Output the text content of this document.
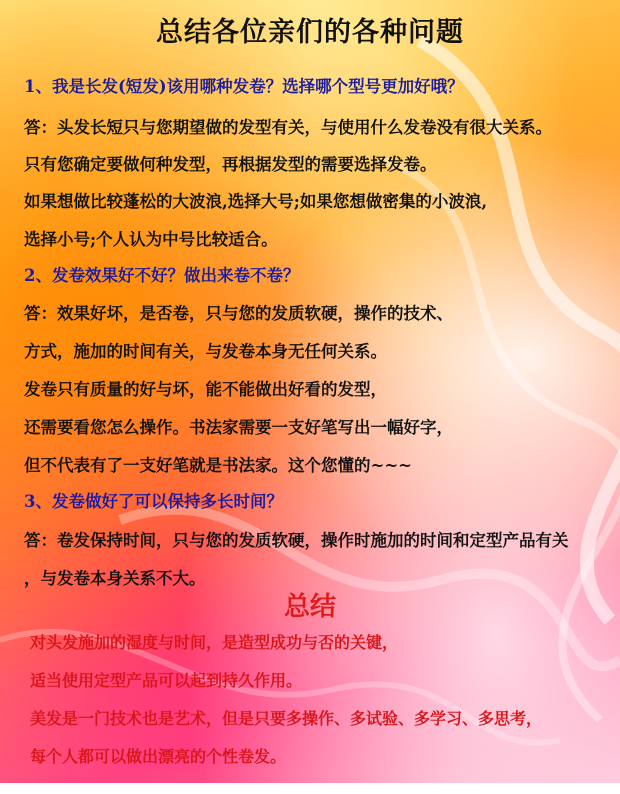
总结各位亲们的各种问题
1、我是长发(短发)该用哪种发卷？选择哪个型号更加好哦？
答：头发长短只与您期望做的发型有关，与使用什么发卷没有很大关系。
只有您确定要做何种发型，再根据发型的需要选择发卷。
如果想做比较蓬松的大波浪,选择大号;如果您想做密集的小波浪,
选择小号;个人认为中号比较适合。
2、发卷效果好不好？做出来卷不卷？
答：效果好坏，是否卷，只与您的发质软硬，操作的技术、
方式，施加的时间有关，与发卷本身无任何关系。
发卷只有质量的好与坏，能不能做出好看的发型，
还需要看您怎么操作。书法家需要一支好笔写出一幅好字，
但不代表有了一支好笔就是书法家。这个您懂的~~~
3、发卷做好了可以保持多长时间？
答：卷发保持时间，只与您的发质软硬，操作时施加的时间和定型产品有关
，与发卷本身关系不大。
总结
对头发施加的湿度与时间，是造型成功与否的关键，
适当使用定型产品可以起到持久作用。
美发是一门技术也是艺术，但是只要多操作、多试验、多学习、多思考，
每个人都可以做出漂亮的个性卷发。
